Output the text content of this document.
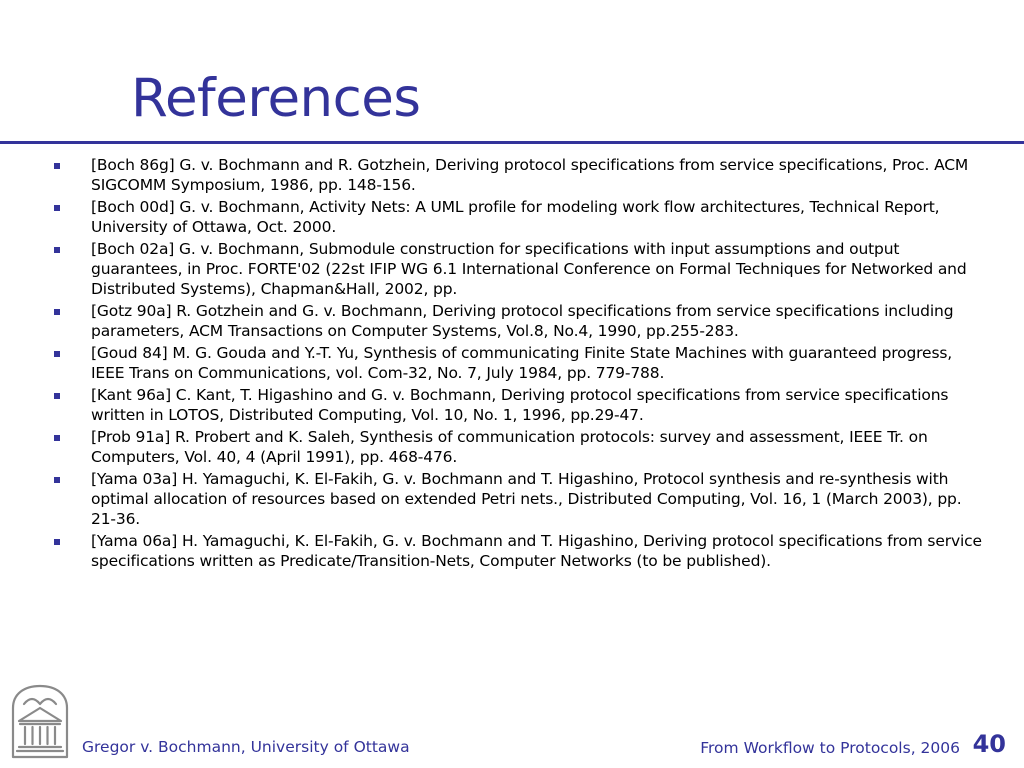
References
[Boch 86g] G. v. Bochmann and R. Gotzhein, Deriving protocol specifications from service specifications, Proc. ACM SIGCOMM Symposium, 1986, pp. 148-156.
[Boch 00d] G. v. Bochmann, Activity Nets: A UML profile for modeling work flow architectures, Technical Report, University of Ottawa, Oct. 2000.
[Boch 02a] G. v. Bochmann, Submodule construction for specifications with input assumptions and output guarantees, in Proc. FORTE'02 (22st IFIP WG 6.1 International Conference on Formal Techniques for Networked and Distributed Systems), Chapman&Hall, 2002, pp.
[Gotz 90a] R. Gotzhein and G. v. Bochmann, Deriving protocol specifications from service specifications including parameters, ACM Transactions on Computer Systems, Vol.8, No.4, 1990, pp.255-283.
[Goud 84] M. G. Gouda and Y.-T. Yu, Synthesis of communicating Finite State Machines with guaranteed progress, IEEE Trans on Communications, vol. Com-32, No. 7, July 1984, pp. 779-788.
[Kant 96a] C. Kant, T. Higashino and G. v. Bochmann, Deriving protocol specifications from service specifications written in LOTOS, Distributed Computing, Vol. 10, No. 1, 1996, pp.29-47.
[Prob 91a] R. Probert and K. Saleh, Synthesis of communication protocols: survey and assessment, IEEE Tr. on Computers, Vol. 40, 4 (April 1991), pp. 468-476.
[Yama 03a] H. Yamaguchi, K. El-Fakih, G. v. Bochmann and T. Higashino, Protocol synthesis and re-synthesis with optimal allocation of resources based on extended Petri nets., Distributed Computing, Vol. 16, 1 (March 2003), pp. 21-36.
[Yama 06a] H. Yamaguchi, K. El-Fakih, G. v. Bochmann and T. Higashino, Deriving protocol specifications from service specifications written as Predicate/Transition-Nets, Computer Networks (to be published).
Gregor v. Bochmann, University of Ottawa	From Workflow to Protocols, 2006 40
